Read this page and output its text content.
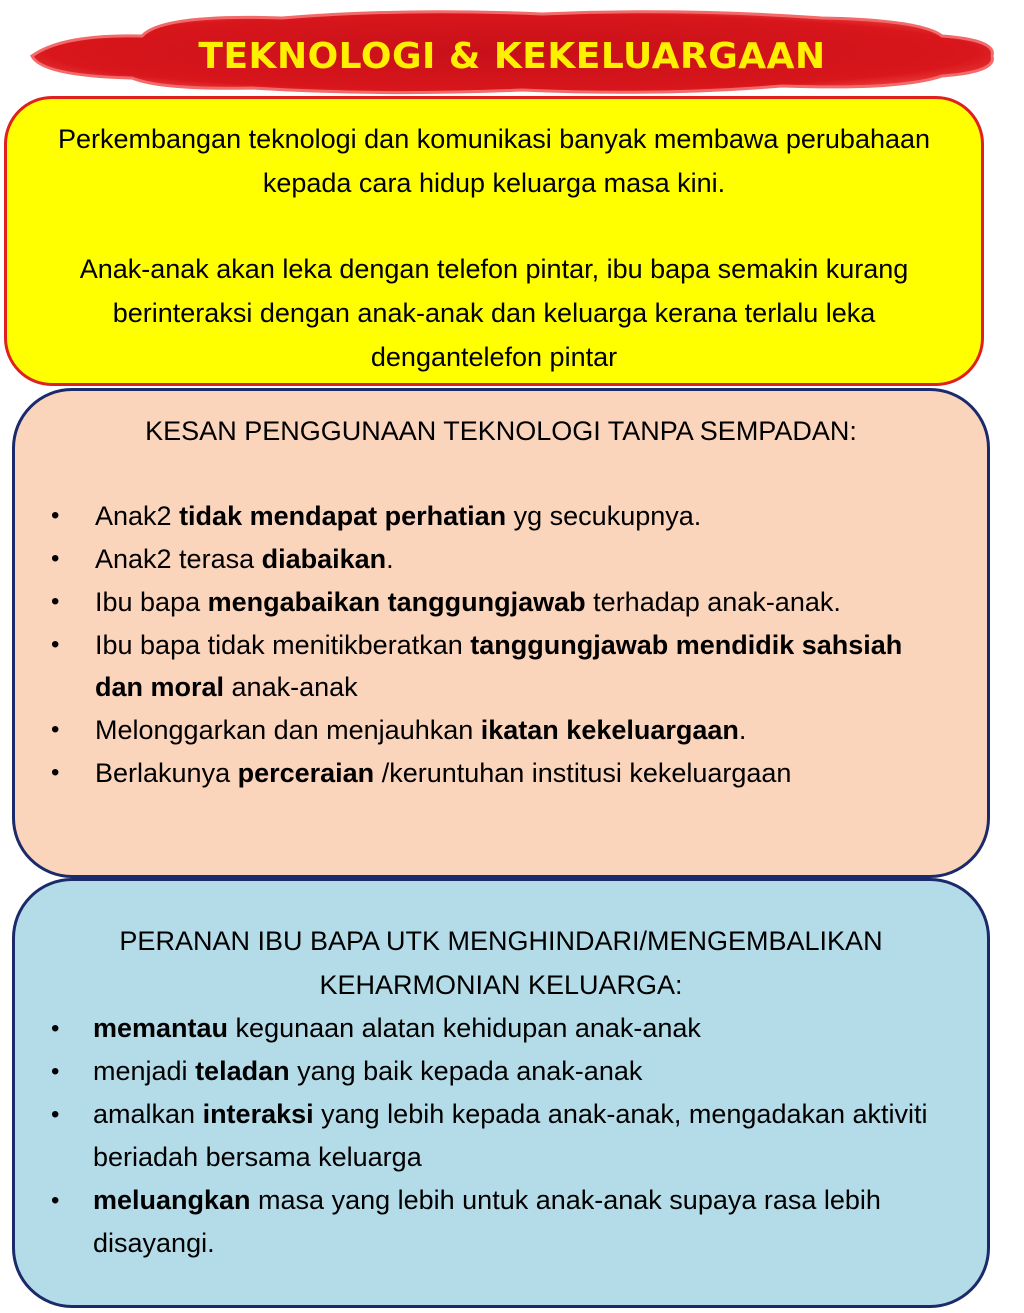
TEKNOLOGI & KEKELUARGAAN

Perkembangan teknologi dan komunikasi banyak membawa perubahaan kepada cara hidup keluarga masa kini.

Anak-anak akan leka dengan telefon pintar, ibu bapa semakin kurang berinteraksi dengan anak-anak dan keluarga kerana terlalu leka dengantelefon pintar

KESAN PENGGUNAAN TEKNOLOGI TANPA SEMPADAN:

• Anak2 tidak mendapat perhatian yg secukupnya.
• Anak2 terasa diabaikan.
• Ibu bapa mengabaikan tanggungjawab terhadap anak-anak.
• Ibu bapa tidak menitikberatkan tanggungjawab mendidik sahsiah dan moral anak-anak
• Melonggarkan dan menjauhkan ikatan kekeluargaan.
• Berlakunya perceraian /keruntuhan institusi kekeluargaan

PERANAN IBU BAPA UTK MENGHINDARI/MENGEMBALIKAN

KEHARMONIAN KELUARGA:

• memantau kegunaan alatan kehidupan anak-anak
• menjadi teladan yang baik kepada anak-anak
• amalkan interaksi yang lebih kepada anak-anak, mengadakan aktiviti beriadah bersama keluarga
• meluangkan masa yang lebih untuk anak-anak supaya rasa lebih disayangi.
